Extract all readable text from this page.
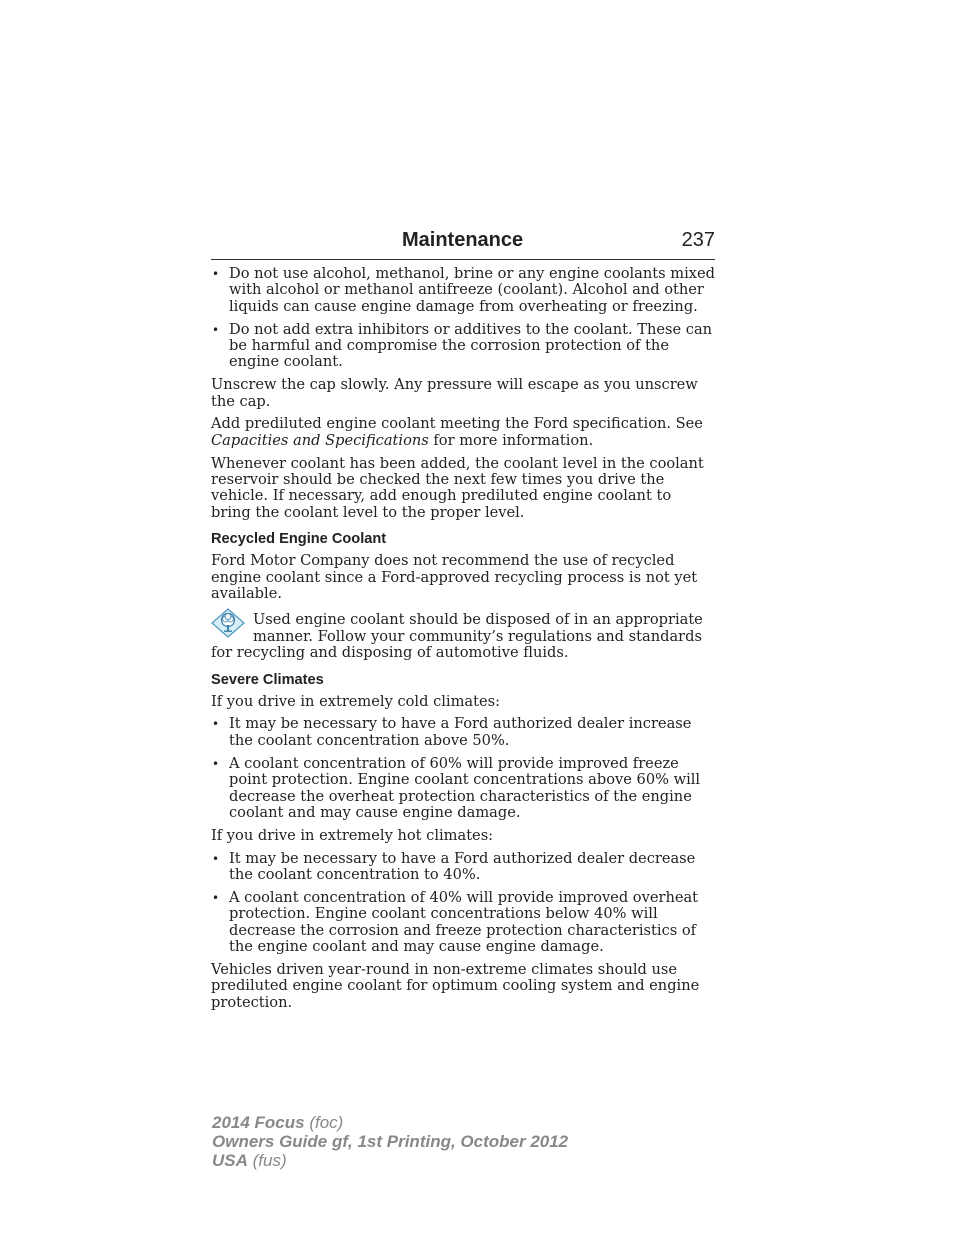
Maintenance	237
• Do not use alcohol, methanol, brine or any engine coolants mixed with alcohol or methanol antifreeze (coolant). Alcohol and other liquids can cause engine damage from overheating or freezing.
• Do not add extra inhibitors or additives to the coolant. These can be harmful and compromise the corrosion protection of the engine coolant.

Unscrew the cap slowly. Any pressure will escape as you unscrew the cap.

Add prediluted engine coolant meeting the Ford specification. See Capacities and Specifications for more information.

Whenever coolant has been added, the coolant level in the coolant reservoir should be checked the next few times you drive the vehicle. If necessary, add enough prediluted engine coolant to bring the coolant level to the proper level.

Recycled Engine Coolant

Ford Motor Company does not recommend the use of recycled engine coolant since a Ford-approved recycling process is not yet available.

Used engine coolant should be disposed of in an appropriate manner. Follow your community’s regulations and standards for recycling and disposing of automotive fluids.
Severe Climates

If you drive in extremely cold climates:

• It may be necessary to have a Ford authorized dealer increase the coolant concentration above 50%.
• A coolant concentration of 60% will provide improved freeze point protection. Engine coolant concentrations above 60% will decrease the overheat protection characteristics of the engine coolant and may cause engine damage.

If you drive in extremely hot climates:

• It may be necessary to have a Ford authorized dealer decrease the coolant concentration to 40%.
• A coolant concentration of 40% will provide improved overheat protection. Engine coolant concentrations below 40% will decrease the corrosion and freeze protection characteristics of the engine coolant and may cause engine damage.

Vehicles driven year-round in non-extreme climates should use prediluted engine coolant for optimum cooling system and engine protection.

2014 Focus (foc)
Owners Guide gf, 1st Printing, October 2012
USA (fus)
